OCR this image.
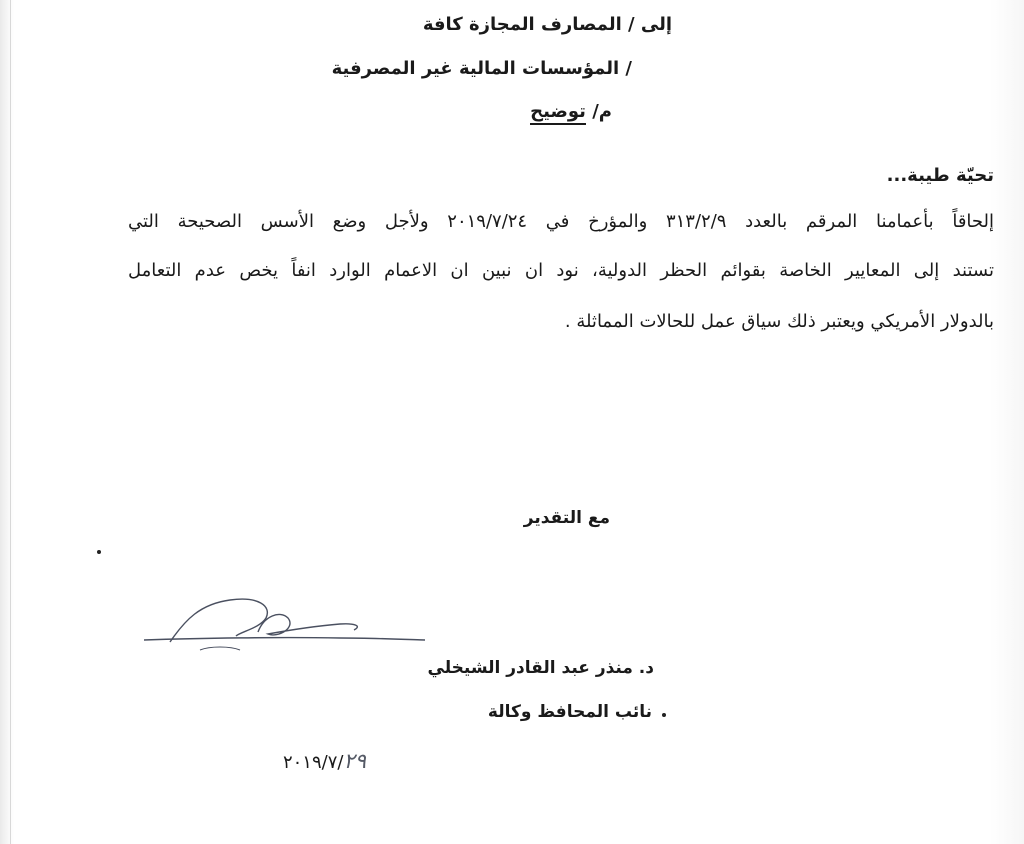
إلى / المصارف المجازة كافة
/ المؤسسات المالية غير المصرفية
م/ توضيح
تحيّة طيبة...
إلحاقاً بأعمامنا المرقم بالعدد ٣١٣/٢/٩ والمؤرخ في ٢٠١٩/٧/٢٤ ولأجل وضع الأسس الصحيحة التي
تستند إلى المعايير الخاصة بقوائم الحظر الدولية، نود ان نبين ان الاعمام الوارد انفاً يخص عدم التعامل
بالدولار الأمريكي ويعتبر ذلك سياق عمل للحالات المماثلة .
مع التقدير
د. منذر عبد القادر الشيخلي
نائب المحافظ وكالة
٢٠١٩/٧/٢٩
